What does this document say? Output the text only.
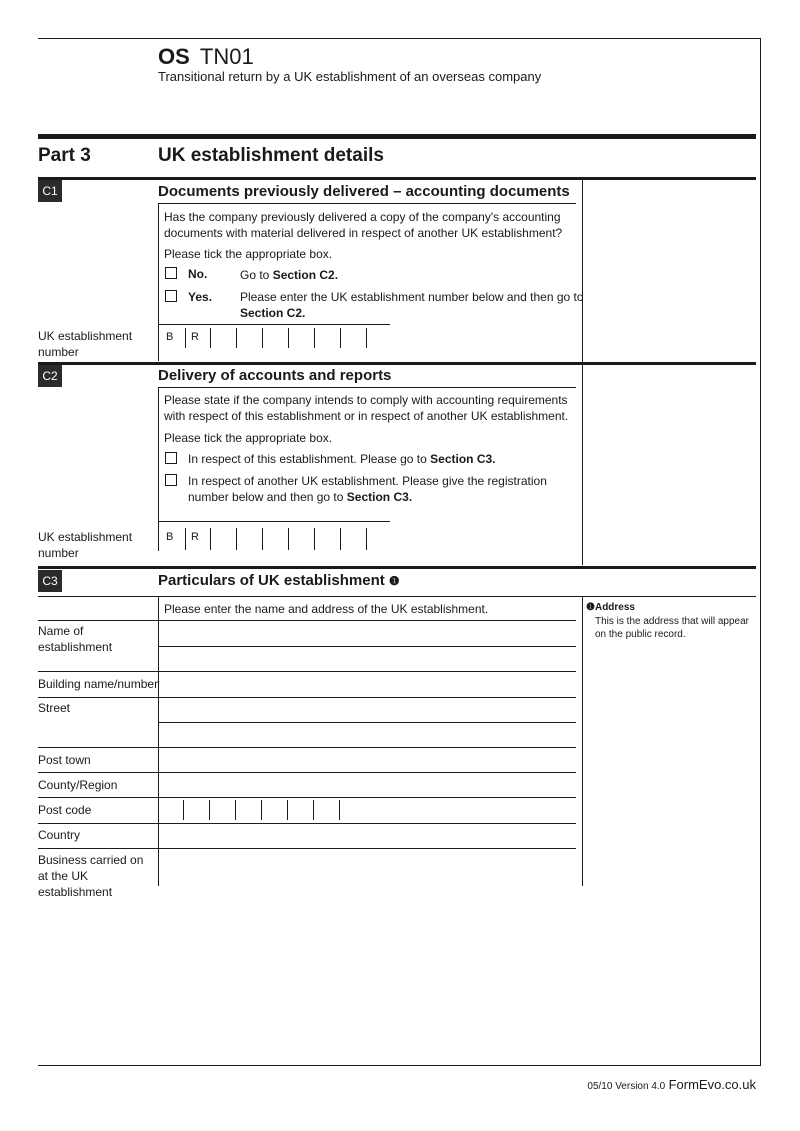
OS TN01
Transitional return by a UK establishment of an overseas company
Part 3	UK establishment details
C1	Documents previously delivered – accounting documents
Has the company previously delivered a copy of the company's accounting documents with material delivered in respect of another UK establishment?
Please tick the appropriate box.
No.	Go to Section C2.
Yes. Please enter the UK establishment number below and then go to
Section C2.
UK establishment number
B R
C2	Delivery of accounts and reports
Please state if the company intends to comply with accounting requirements with respect of this establishment or in respect of another UK establishment.
Please tick the appropriate box.
In respect of this establishment. Please go to Section C3.
In respect of another UK establishment. Please give the registration number below and then go to Section C3.
UK establishment number
B R
C3	Particulars of UK establishment ❶
Please enter the name and address of the UK establishment.	❶Address
This is the address that will appear on the public record.
Name of establishment
Building name/number
Street
Post town
County/Region
Post code
Country
Business carried on at the UK establishment
05/10 Version 4.0 FormEvo.co.uk
